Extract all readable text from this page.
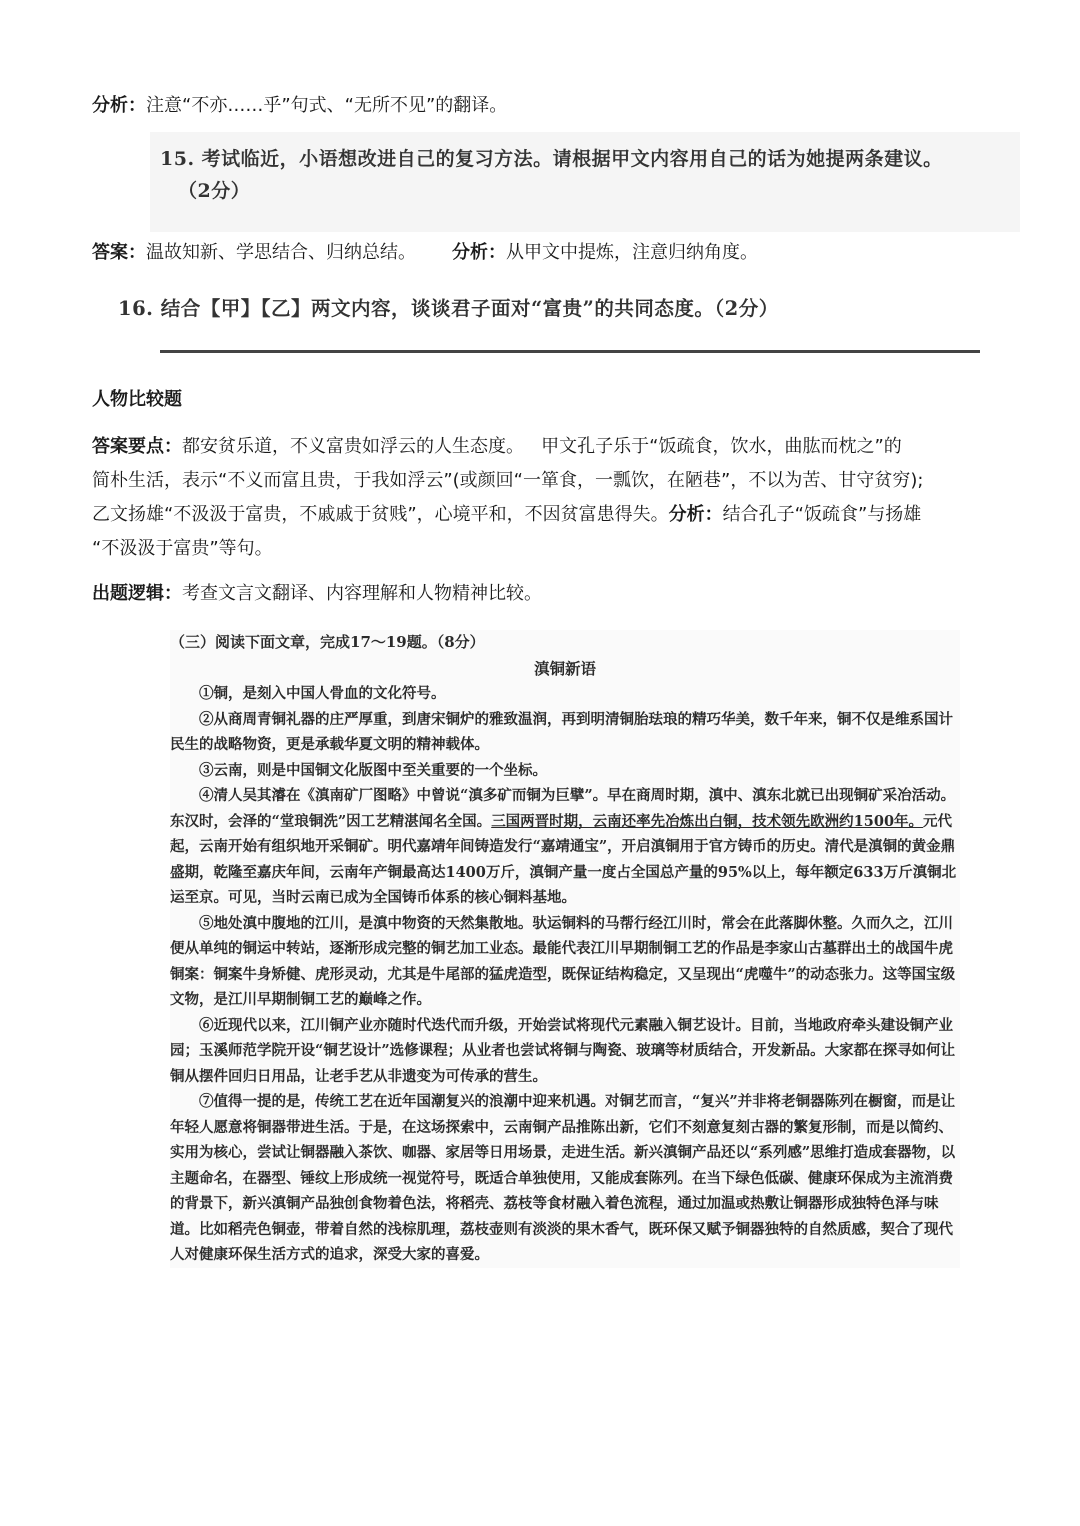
分析：注意“不亦……乎”句式、“无所不见”的翻译。
15. 考试临近，小语想改进自己的复习方法。请根据甲文内容用自己的话为她提两条建议。
（2分）
答案：温故知新、学思结合、归纳总结。 分析：从甲文中提炼，注意归纳角度。
16. 结合【甲】【乙】两文内容，谈谈君子面对“富贵”的共同态度。（2分）
人物比较题
答案要点：都安贫乐道，不义富贵如浮云的人生态度。   甲文孔子乐于“饭疏食，饮水，曲肱而枕之”的
简朴生活，表示“不义而富且贵，于我如浮云”(或颜回“一箪食，一瓢饮，在陋巷”，不以为苦、甘守贫穷);
乙文扬雄“不汲汲于富贵，不戚戚于贫贱”，心境平和，不因贫富患得失。分析：结合孔子“饭疏食”与扬雄
“不汲汲于富贵”等句。
出题逻辑：考查文言文翻译、内容理解和人物精神比较。

（三）阅读下面文章，完成17～19题。（8分）

滇铜新语

①铜，是刻入中国人骨血的文化符号。

②从商周青铜礼器的庄严厚重，到唐宋铜炉的雅致温润，再到明清铜胎珐琅的精巧华美，数千年来，铜不仅是维系国计民生的战略物资，更是承载华夏文明的精神载体。

③云南，则是中国铜文化版图中至关重要的一个坐标。

④清人吴其濬在《滇南矿厂图略》中曾说“滇多矿而铜为巨擘”。早在商周时期，滇中、滇东北就已出现铜矿采冶活动。东汉时，会泽的“堂琅铜洗”因工艺精湛闻名全国。三国两晋时期，云南还率先冶炼出白铜，技术领先欧洲约1500年。元代起，云南开始有组织地开采铜矿。明代嘉靖年间铸造发行“嘉靖通宝”，开启滇铜用于官方铸币的历史。清代是滇铜的黄金鼎盛期，乾隆至嘉庆年间，云南年产铜最高达1400万斤，滇铜产量一度占全国总产量的95%以上，每年额定633万斤滇铜北运至京。可见，当时云南已成为全国铸币体系的核心铜料基地。

⑤地处滇中腹地的江川，是滇中物资的天然集散地。驮运铜料的马帮行经江川时，常会在此落脚休整。久而久之，江川便从单纯的铜运中转站，逐渐形成完整的铜艺加工业态。最能代表江川早期制铜工艺的作品是李家山古墓群出土的战国牛虎铜案：铜案牛身矫健、虎形灵动，尤其是牛尾部的猛虎造型，既保证结构稳定，又呈现出“虎噬牛”的动态张力。这等国宝级文物，是江川早期制铜工艺的巅峰之作。

⑥近现代以来，江川铜产业亦随时代迭代而升级，开始尝试将现代元素融入铜艺设计。目前，当地政府牵头建设铜产业园；玉溪师范学院开设“铜艺设计”选修课程；从业者也尝试将铜与陶瓷、玻璃等材质结合，开发新品。大家都在探寻如何让铜从摆件回归日用品，让老手艺从非遗变为可传承的营生。

⑦值得一提的是，传统工艺在近年国潮复兴的浪潮中迎来机遇。对铜艺而言，“复兴”并非将老铜器陈列在橱窗，而是让年轻人愿意将铜器带进生活。于是，在这场探索中，云南铜产品推陈出新，它们不刻意复刻古器的繁复形制，而是以简约、实用为核心，尝试让铜器融入茶饮、咖器、家居等日用场景，走进生活。新兴滇铜产品还以“系列感”思维打造成套器物，以主题命名，在器型、锤纹上形成统一视觉符号，既适合单独使用，又能成套陈列。在当下绿色低碳、健康环保成为主流消费的背景下，新兴滇铜产品独创食物着色法，将稻壳、荔枝等食材融入着色流程，通过加温或热敷让铜器形成独特色泽与味道。比如稻壳色铜壶，带着自然的浅棕肌理，荔枝壶则有淡淡的果木香气，既环保又赋予铜器独特的自然质感，契合了现代人对健康环保生活方式的追求，深受大家的喜爱。
